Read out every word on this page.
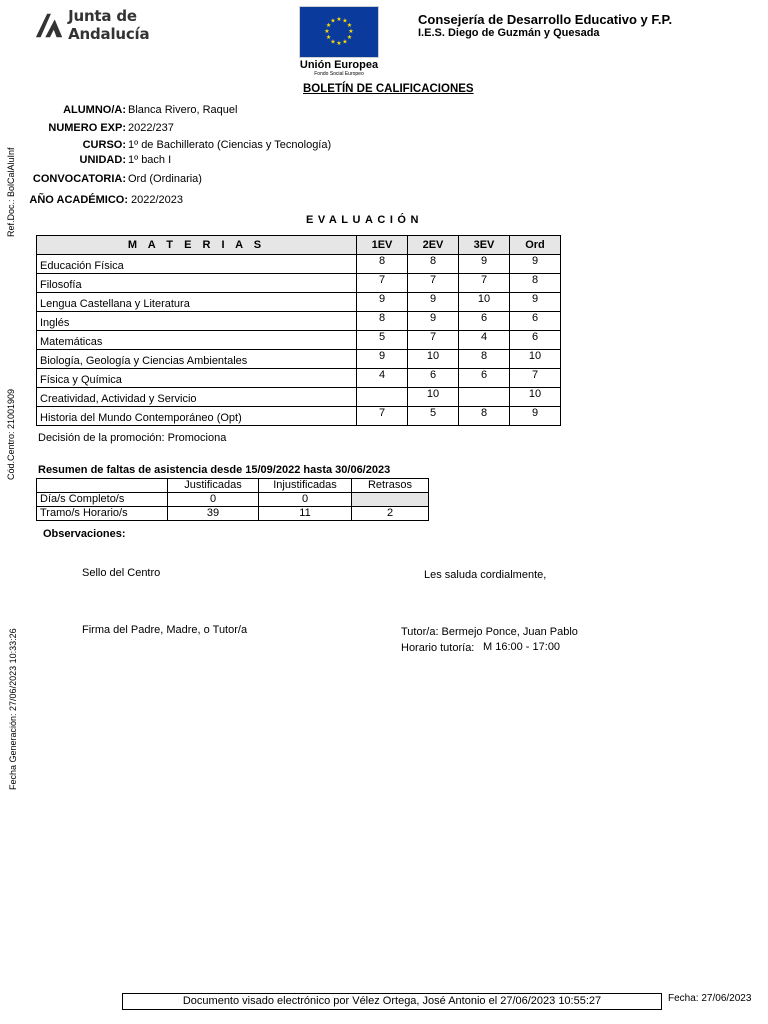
Junta de Andalucía
★ ★
★
★
★
★
★
★
★
★
★
★
Unión Europea
Fondo Social Europeo
Consejería de Desarrollo Educativo y F.P.
I.E.S. Diego de Guzmán y Quesada
BOLETÍN DE CALIFICACIONES
ALUMNO/A: Blanca Rivero, Raquel
NUMERO EXP: 2022/237
CURSO: 1º de Bachillerato (Ciencias y Tecnología)
UNIDAD: 1º bach I
CONVOCATORIA: Ord (Ordinaria)
AÑO ACADÉMICO: 2022/2023
Ref.Doc.: BolCalAluInf
Cód.Centro: 21001909
Fecha Generación: 27/06/2023 10:33:26
EVALUACIÓN
M A T E R I A S	1EV	2EV	3EV	Ord
Educación Física	8	8	9	9
Filosofía	7	7	7	8
Lengua Castellana y Literatura	9	9	10	9
Inglés	8	9	6	6
Matemáticas	5	7	4	6
Biología, Geología y Ciencias Ambientales	9	10	8	10
Física y Química	4	6	6	7
Creatividad, Actividad y Servicio		10		10
Historia del Mundo Contemporáneo (Opt)	7	5	8	9
Decisión de la promoción: Promociona
Resumen de faltas de asistencia desde 15/09/2022 hasta 30/06/2023
	Justificadas	Injustificadas	Retrasos
Día/s Completo/s	0	0	
Tramo/s Horario/s	39	11	2
Observaciones:
Sello del Centro	Les saluda cordialmente,
Firma del Padre, Madre, o Tutor/a	Tutor/a: Bermejo Ponce, Juan Pablo
Horario tutoría: M 16:00 - 17:00
Documento visado electrónico por Vélez Ortega, José Antonio el 27/06/2023 10:55:27	Fecha: 27/06/2023
